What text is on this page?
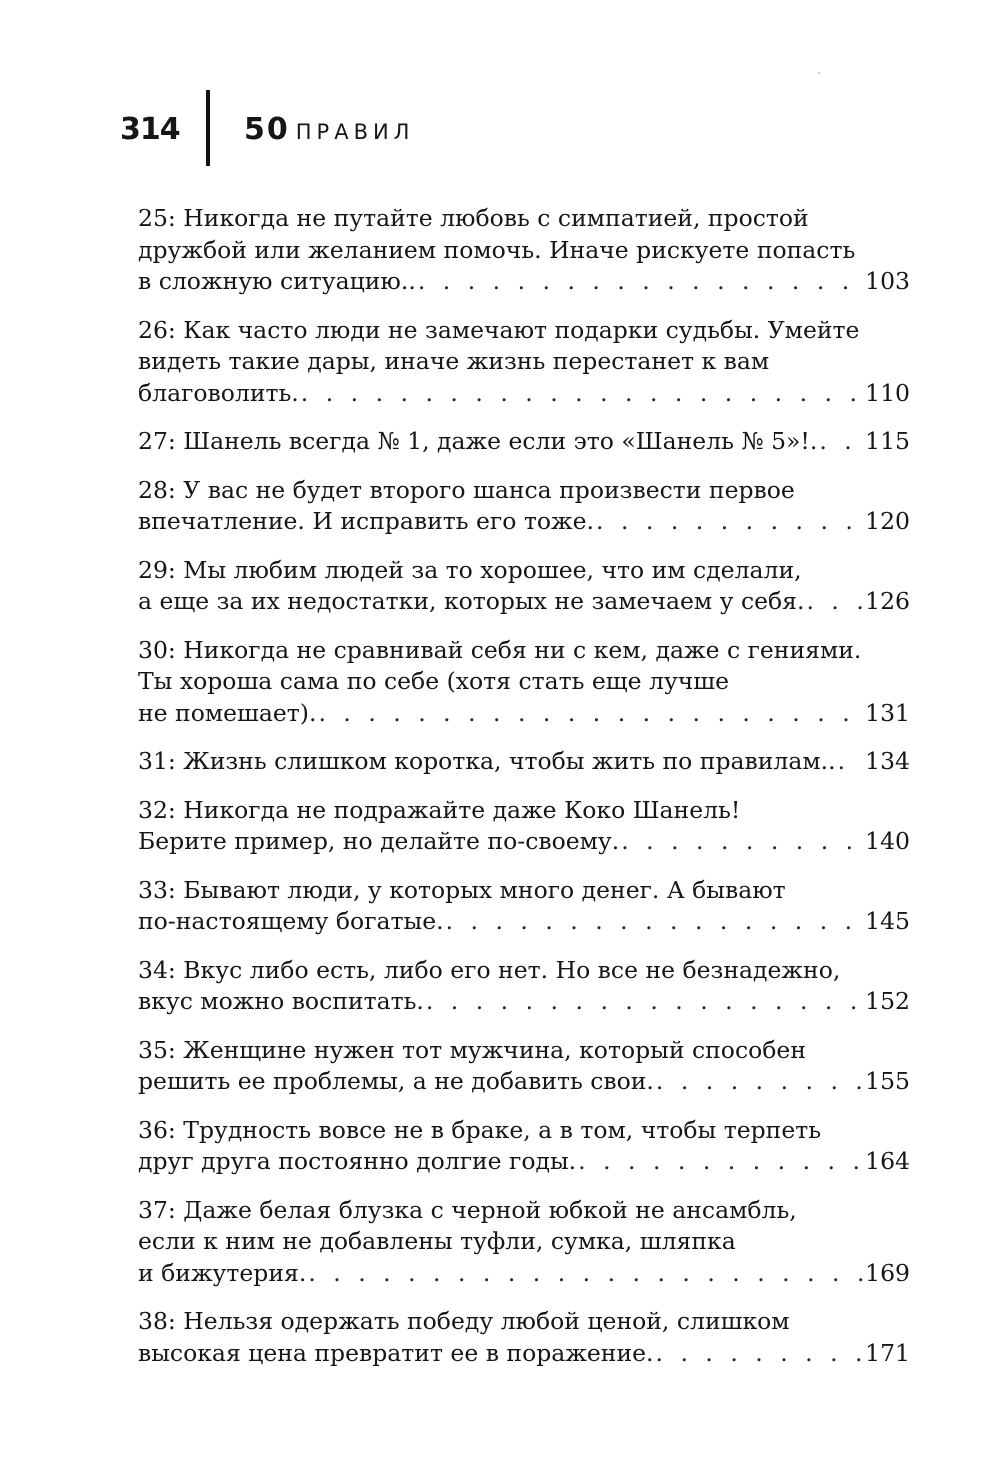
314 50 ПРАВИЛ
25: Никогда не путайте любовь с симпатией, простой
дружбой или желанием помочь. Иначе рискуете попасть
в сложную ситуацию.. . . .	103
26: Как часто люди не замечают подарки судьбы. Умейте
видеть такие дары, иначе жизнь перестанет к вам
благоволить. . . .	110
27: Шанель всегда № 1, даже если это «Шанель № 5»!. . . . 115
28: У вас не будет второго шанса произвести первое
впечатление. И исправить его тоже. . . .	120
29: Мы любим людей за то хорошее, что им сделали,
а еще за их недостатки, которых не замечаем у себя. . . .	126
30: Никогда не сравнивай себя ни с кем, даже с гениями.
Ты хороша сама по себе (хотя стать еще лучше
не помешает). . . .	131
31: Жизнь слишком коротка, чтобы жить по правилам.. . . . 134
32: Никогда не подражайте даже Коко Шанель!
Берите пример, но делайте по-своему. . . .	140
33: Бывают люди, у которых много денег. А бывают
по-настоящему богатые. . . .	145
34: Вкус либо есть, либо его нет. Но все не безнадежно,
вкус можно воспитать. . . .	152
35: Женщине нужен тот мужчина, который способен
решить ее проблемы, а не добавить свои. . . .	155
36: Трудность вовсе не в браке, а в том, чтобы терпеть
друг друга постоянно долгие годы. . . .	164
37: Даже белая блузка с черной юбкой не ансамбль,
если к ним не добавлены туфли, сумка, шляпка
и бижутерия. . . .	169
38: Нельзя одержать победу любой ценой, слишком
высокая цена превратит ее в поражение. . . .	171
